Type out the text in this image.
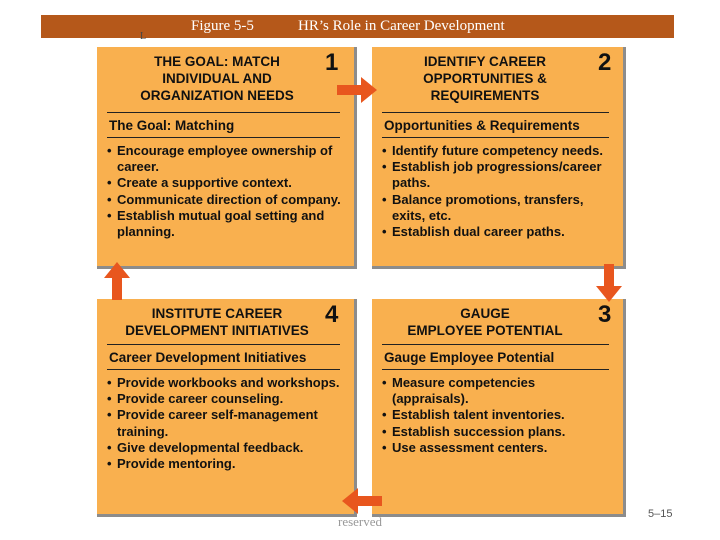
Figure 5-5	HR’s Role in Career Development
L
THE GOAL: MATCH
INDIVIDUAL AND
ORGANIZATION NEEDS
1
The Goal: Matching
• Encourage employee ownership of career.
• Create a supportive context.
• Communicate direction of company.
• Establish mutual goal setting and planning.
IDENTIFY CAREER
OPPORTUNITIES &
REQUIREMENTS
2
Opportunities & Requirements
• Identify future competency needs.
• Establish job progressions/career paths.
• Balance promotions, transfers, exits, etc.
• Establish dual career paths.
INSTITUTE CAREER
DEVELOPMENT INITIATIVES
4
Career Development Initiatives
• Provide workbooks and workshops.
• Provide career counseling.
• Provide career self-management training.
• Give developmental feedback.
• Provide mentoring.
GAUGE
EMPLOYEE POTENTIAL
3
Gauge Employee Potential
• Measure competencies (appraisals).
• Establish talent inventories.
• Establish succession plans.
• Use assessment centers.
reserved	5–15
